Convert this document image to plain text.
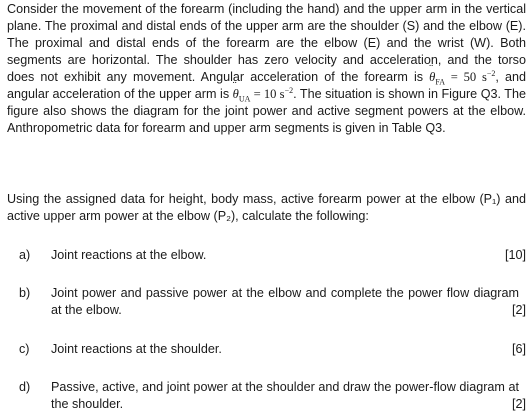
Consider the movement of the forearm (including the hand) and the upper arm in the vertical plane. The proximal and distal ends of the upper arm are the shoulder (S) and the elbow (E). The proximal and distal ends of the forearm are the elbow (E) and the wrist (W). Both segments are horizontal. The shoulder has zero velocity and acceleration, and the torso does not exhibit any movement. Angular acceleration of the forearm is ¨ $\theta_{FA} = 50$ $s^{-2}$, and angular acceleration of the upper arm is ¨ $\theta_{UA} = 10$ $s^{-2}$. The situation is shown in Figure Q3. The figure also shows the diagram for the joint power and active segment powers at the elbow. Anthropometric data for forearm and upper arm segments is given in Table Q3.

Using the assigned data for height, body mass, active forearm power at the elbow (P₁) and active upper arm power at the elbow (P₂), calculate the following:

a) Joint reactions at the elbow.	[10]
b) Joint power and passive power at the elbow and complete the power flow diagram at the elbow.	[2]
c) Joint reactions at the shoulder.	[6]
d) Passive, active, and joint power at the shoulder and draw the power-flow diagram at the shoulder.	[2]
